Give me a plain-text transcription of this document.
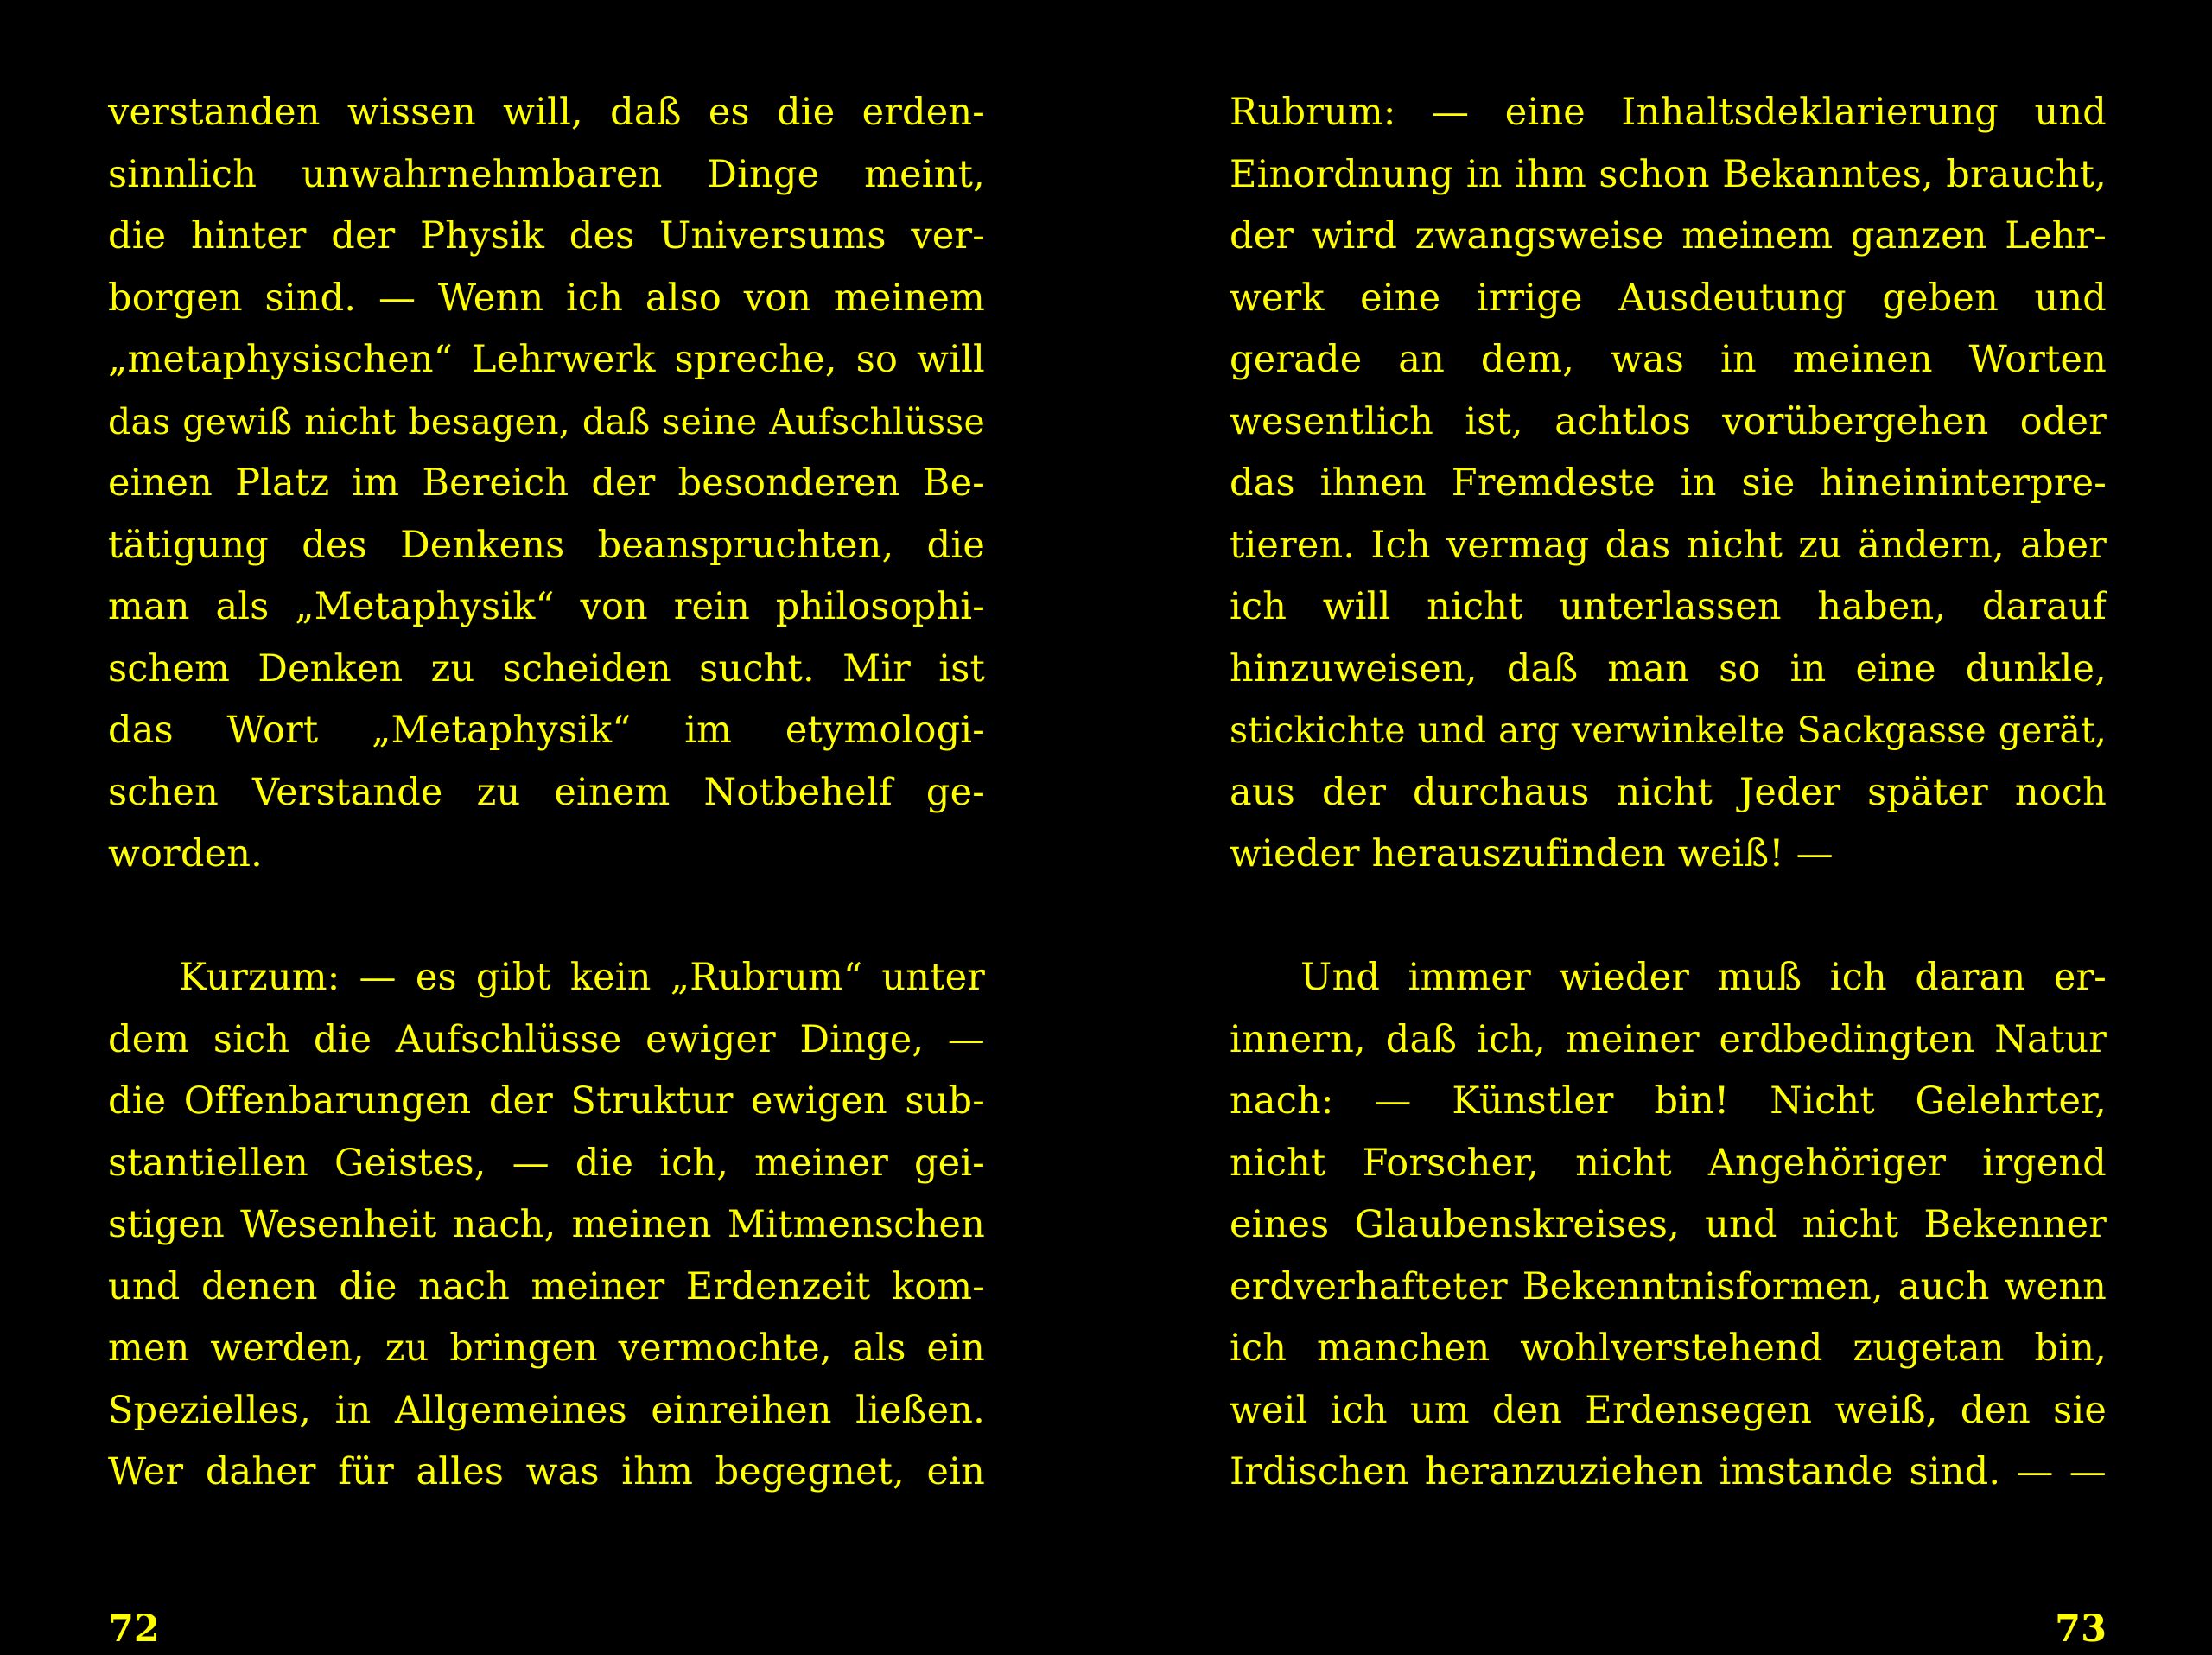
verstanden wissen will, daß es die erden-
sinnlich unwahrnehmbaren Dinge meint,
die hinter der Physik des Universums ver-
borgen sind. — Wenn ich also von meinem
„metaphysischen“ Lehrwerk spreche, so will
das gewiß nicht besagen, daß seine Aufschlüsse
einen Platz im Bereich der besonderen Be-
tätigung des Denkens beanspruchten, die
man als „Metaphysik“ von rein philosophi-
schem Denken zu scheiden sucht. Mir ist
das Wort „Metaphysik“ im etymologi-
schen Verstande zu einem Notbehelf ge-
worden.
Kurzum: — es gibt kein „Rubrum“ unter
dem sich die Aufschlüsse ewiger Dinge, —
die Offenbarungen der Struktur ewigen sub-
stantiellen Geistes, — die ich, meiner gei-
stigen Wesenheit nach, meinen Mitmenschen
und denen die nach meiner Erdenzeit kom-
men werden, zu bringen vermochte, als ein
Spezielles, in Allgemeines einreihen ließen.
Wer daher für alles was ihm begegnet, ein
72
Rubrum: — eine Inhaltsdeklarierung und
Einordnung in ihm schon Bekanntes, braucht,
der wird zwangsweise meinem ganzen Lehr-
werk eine irrige Ausdeutung geben und
gerade an dem, was in meinen Worten
wesentlich ist, achtlos vorübergehen oder
das ihnen Fremdeste in sie hineininterpre-
tieren. Ich vermag das nicht zu ändern, aber
ich will nicht unterlassen haben, darauf
hinzuweisen, daß man so in eine dunkle,
stickichte und arg verwinkelte Sackgasse gerät,
aus der durchaus nicht Jeder später noch
wieder herauszufinden weiß! —
Und immer wieder muß ich daran er-
innern, daß ich, meiner erdbedingten Natur
nach: — Künstler bin! Nicht Gelehrter,
nicht Forscher, nicht Angehöriger irgend
eines Glaubenskreises, und nicht Bekenner
erdverhafteter Bekenntnisformen, auch wenn
ich manchen wohlverstehend zugetan bin,
weil ich um den Erdensegen weiß, den sie
Irdischen heranzuziehen imstande sind. — —
73
